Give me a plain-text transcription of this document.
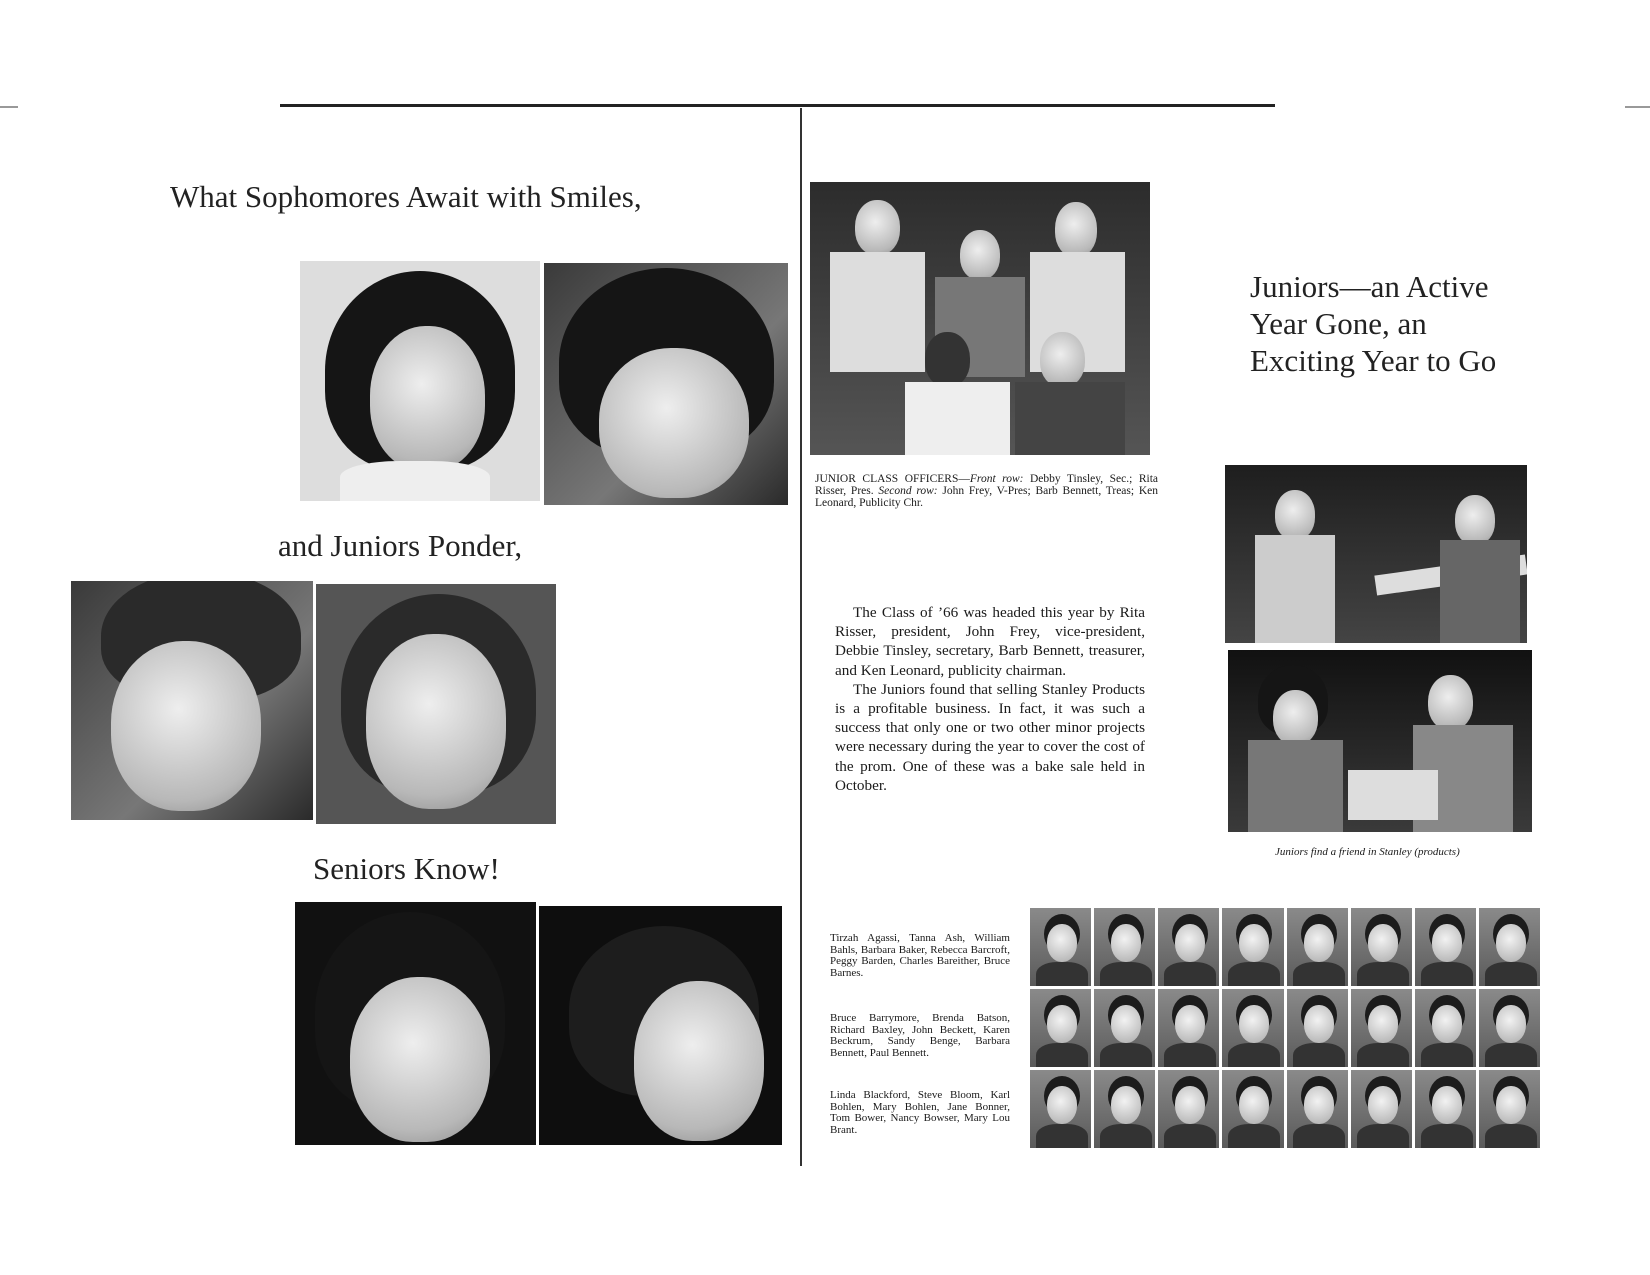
What Sophomores Await with Smiles,
and Juniors Ponder,
Seniors Know!
JUNIOR CLASS OFFICERS—Front row: Debby Tinsley, Sec.; Rita Risser, Pres. Second row: John Frey, V-Pres; Barb Bennett, Treas; Ken Leonard, Publicity Chr.
Juniors—an Active
Year Gone, an
Exciting Year to Go

The Class of ’66 was headed this year by Rita Risser, president, John Frey, vice-president, Debbie Tinsley, secretary, Barb Bennett, treasurer, and Ken Leonard, publicity chairman.

The Juniors found that selling Stanley Products is a profitable business. In fact, it was such a success that only one or two other minor projects were necessary during the year to cover the cost of the prom. One of these was a bake sale held in October.

Juniors find a friend in Stanley (products)
Tirzah Agassi, Tanna Ash, William Bahls, Barbara Baker, Rebecca Barcroft, Peggy Barden, Charles Bareither, Bruce Barnes.
Bruce Barrymore, Brenda Batson, Richard Baxley, John Beckett, Karen Beckrum, Sandy Benge, Barbara Bennett, Paul Bennett.
Linda Blackford, Steve Bloom, Karl Bohlen, Mary Bohlen, Jane Bonner, Tom Bower, Nancy Bowser, Mary Lou Brant.
